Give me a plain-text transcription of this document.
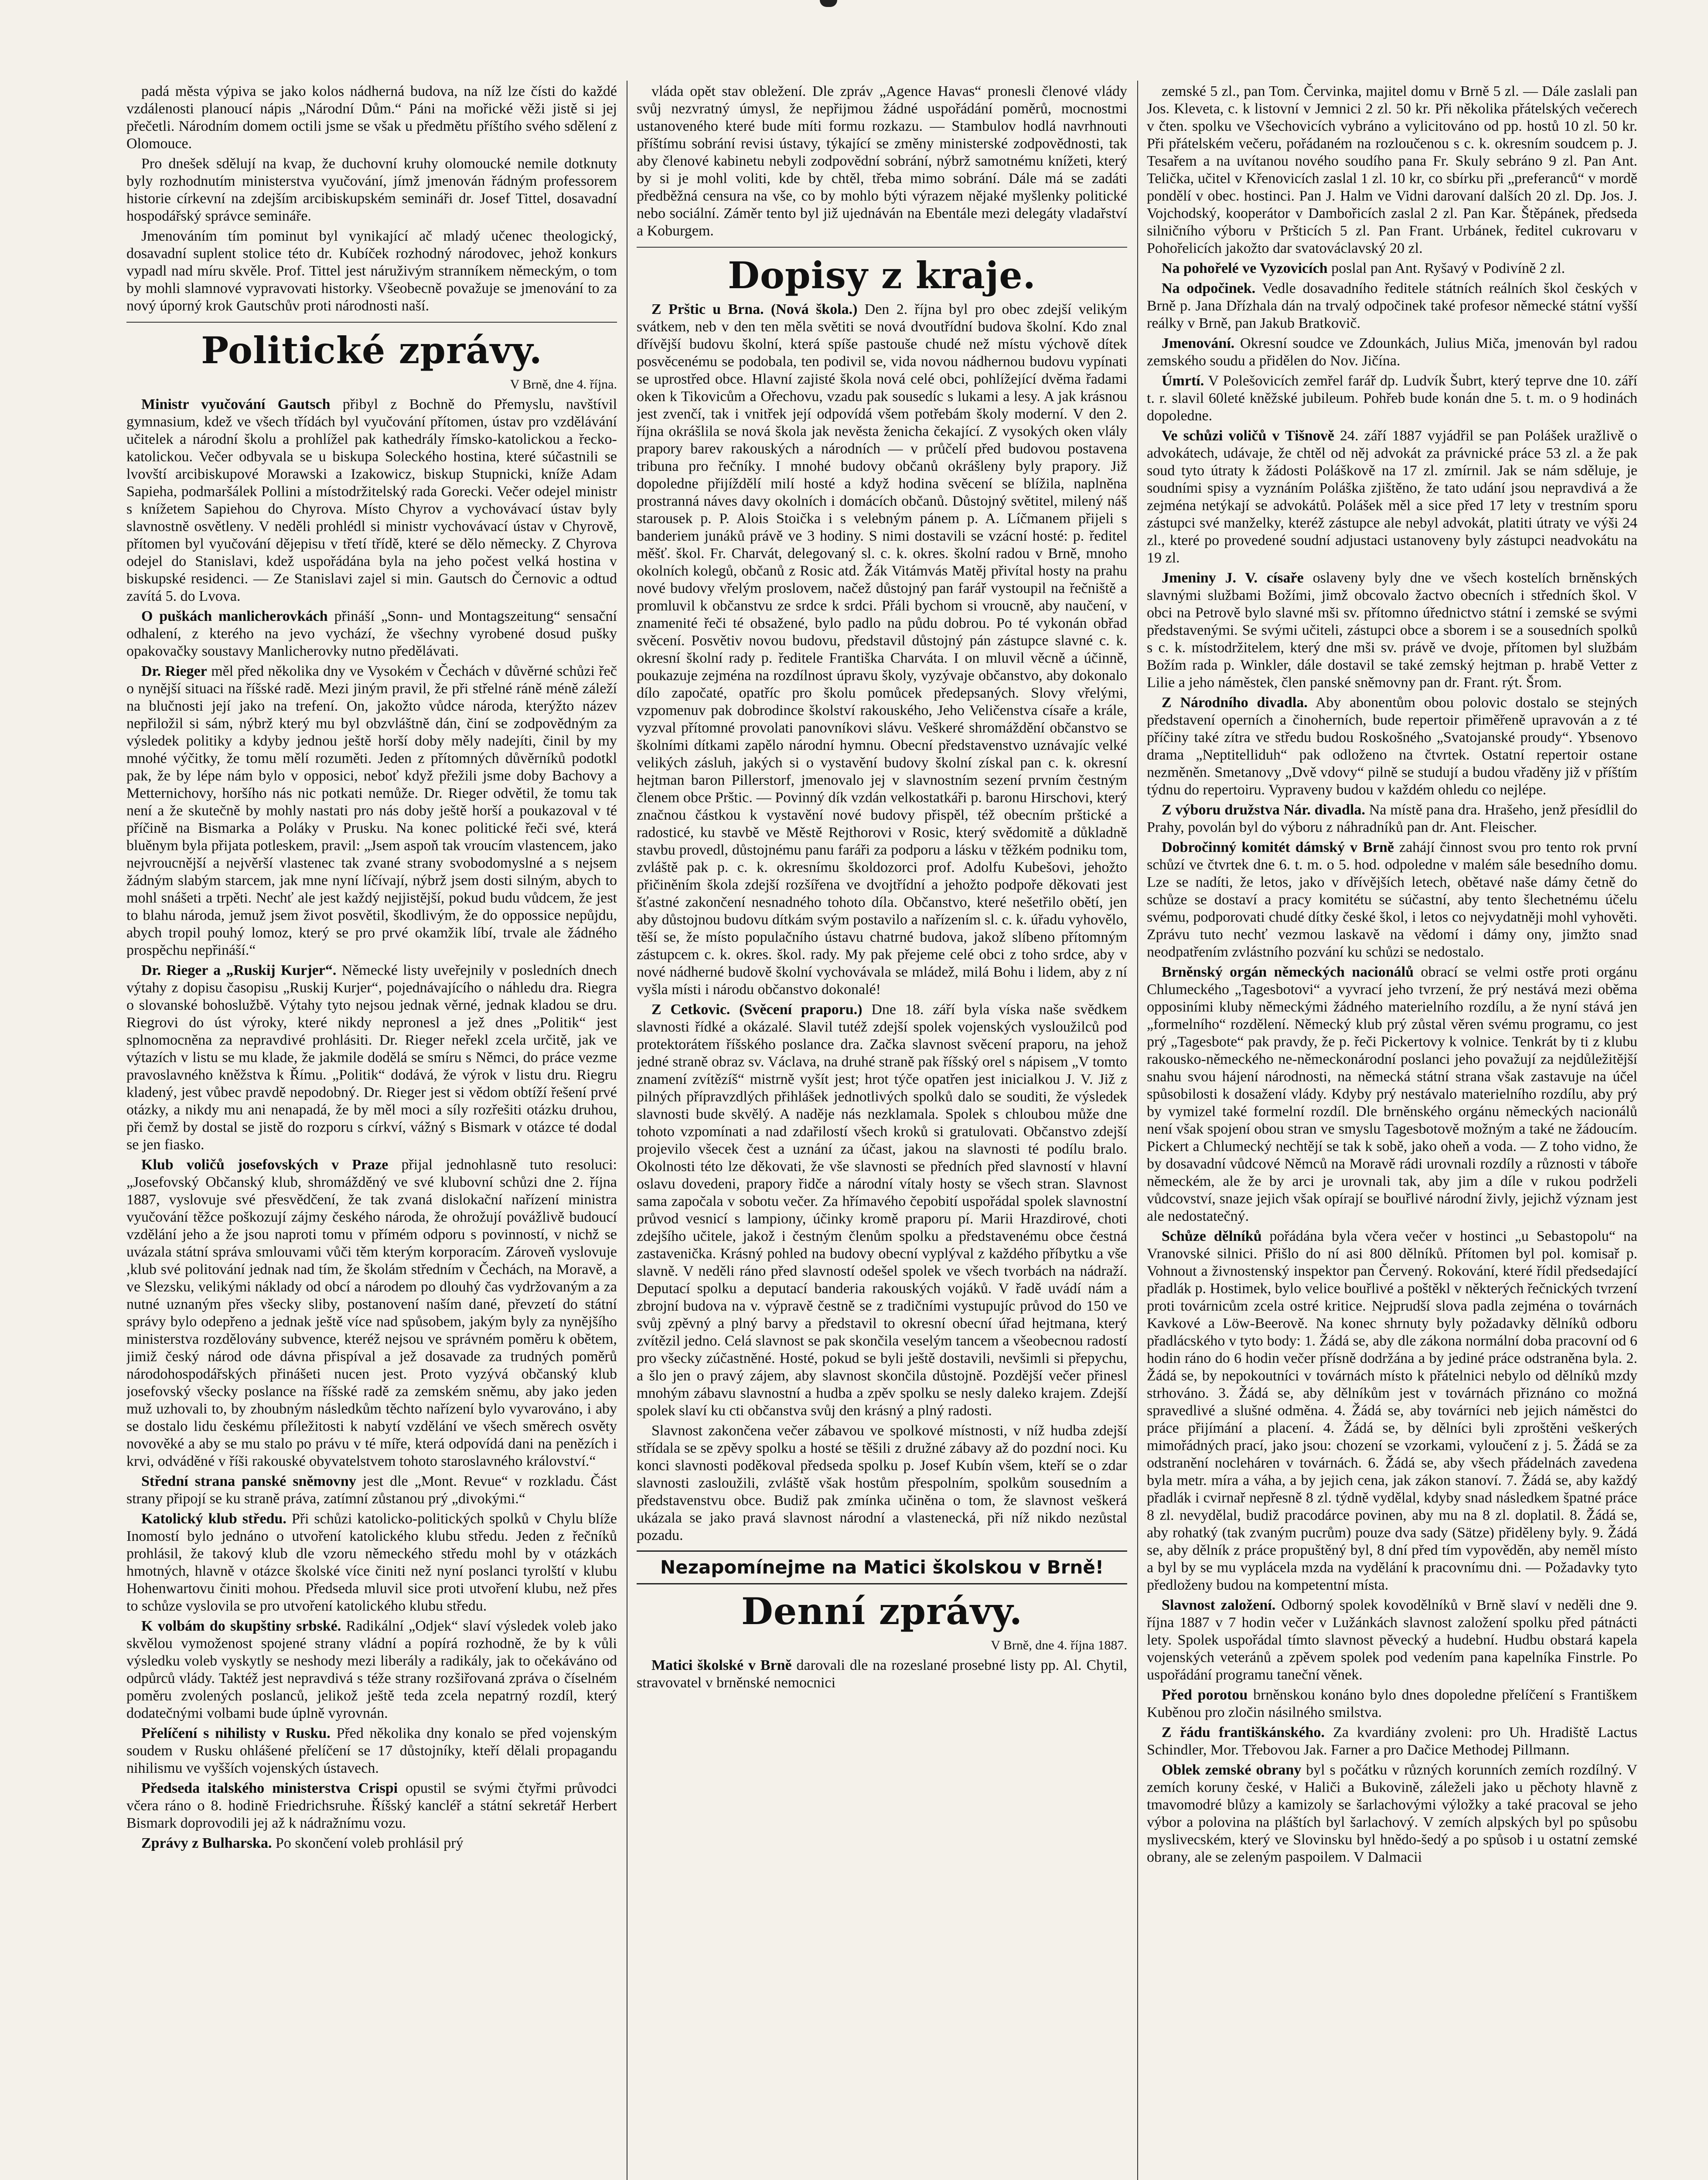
padá města výpiva se jako kolos nádherná budova, na níž lze čísti do každé vzdálenosti planoucí nápis „Národní Dům.“ Páni na mořické věži jistě si jej přečetli. Národním domem octili jsme se však u předmětu příštího svého sdělení z Olomouce.

Pro dnešek sdělují na kvap, že duchovní kruhy olomoucké nemile dotknuty byly rozhodnutím ministerstva vyučování, jímž jmenován řádným professorem historie církevní na zdejším arcibiskupském semináři dr. Josef Tittel, dosavadní hospodářský správce semináře.

Jmenováním tím pominut byl vynikající ač mladý učenec theologický, dosavadní suplent stolice této dr. Kubíček rozhodný národovec, jehož konkurs vypadl nad míru skvěle. Prof. Tittel jest náruživým stranníkem německým, o tom by mohli slamnové vypravovati historky. Všeobecně považuje se jmenování to za nový úporný krok Gautschův proti národnosti naší.

Politické zprávy.
V Brně, dne 4. října.

Ministr vyučování Gautsch přibyl z Bochně do Přemyslu, navštívil gymnasium, kdež ve všech třídách byl vyučování přítomen, ústav pro vzdělávání učitelek a národní školu a prohlížel pak kathedrály římsko-katolickou a řecko-katolickou. Večer odbyvala se u biskupa Soleckého hostina, které súčastnili se lvovští arcibiskupové Morawski a Izakowicz, biskup Stupnicki, kníže Adam Sapieha, podmaršálek Pollini a místodržitelský rada Gorecki. Večer odejel ministr s knížetem Sapiehou do Chyrova. Místo Chyrov a vychovávací ústav byly slavnostně osvětleny. V neděli prohlédl si ministr vychovávací ústav v Chyrově, přítomen byl vyučování dějepisu v třetí třídě, které se dělo německy. Z Chyrova odejel do Stanislavi, kdež uspořádána byla na jeho počest velká hostina v biskupské residenci. — Ze Stanislavi zajel si min. Gautsch do Černovic a odtud zavítá 5. do Lvova.

O puškách manlicherovkách přináší „Sonn- und Montagszeitung“ sensační odhalení, z kterého na jevo vychází, že všechny vyrobené dosud pušky opakovačky soustavy Manlicherovky nutno předělávati.

Dr. Rieger měl před několika dny ve Vysokém v Čechách v důvěrné schůzi řeč o nynější situaci na říšské radě. Mezi jiným pravil, že při střelné ráně méně záleží na blučnosti její jako na trefení. On, jakožto vůdce národa, kterýžto název nepřiložil si sám, nýbrž který mu byl obzvláštně dán, činí se zodpovědným za výsledek politiky a kdyby jednou ještě horší doby měly nadejíti, činil by my mnohé výčitky, že tomu mělí rozuměti. Jeden z přítomných důvěrníků podotkl pak, že by lépe nám bylo v opposici, neboť když přežili jsme doby Bachovy a Metternichovy, horšího nás nic potkati nemůže. Dr. Rieger odvětil, že tomu tak není a že skutečně by mohly nastati pro nás doby ještě horší a poukazoval v té příčině na Bismarka a Poláky v Prusku. Na konec politické řeči své, která bluěnym byla přijata potleskem, pravil: „Jsem aspoň tak vroucím vlastencem, jako nejvroucnější a nejvěrší vlastenec tak zvané strany svobodomyslné a s nejsem žádným slabým starcem, jak mne nyní líčívají, nýbrž jsem dosti silným, abych to mohl snášeti a trpěti. Nechť ale jest každý nejjistější, pokud budu vůdcem, že jest to blahu národa, jemuž jsem život posvětil, škodlivým, že do oppossice nepůjdu, abych tropil pouhý lomoz, který se pro prvé okamžik líbí, trvale ale žádného prospěchu nepřináší.“

Dr. Rieger a „Ruskij Kurjer“. Německé listy uveřejnily v posledních dnech výtahy z dopisu časopisu „Ruskij Kurjer“, pojednávajícího o náhledu dra. Riegra o slovanské bohoslužbě. Výtahy tyto nejsou jednak věrné, jednak kladou se dru. Riegrovi do úst výroky, které nikdy nepronesl a jež dnes „Politik“ jest splnomocněna za nepravdivé prohlásiti. Dr. Rieger neřekl zcela určitě, jak ve výtazích v listu se mu klade, že jakmile dodělá se smíru s Němci, do práce vezme pravoslavného kněžstva k Římu. „Politik“ dodává, že výrok v listu dru. Riegru kladený, jest vůbec pravdě nepodobný. Dr. Rieger jest si vědom obtíží řešení prvé otázky, a nikdy mu ani nenapadá, že by měl moci a síly rozřešiti otázku druhou, při čemž by dostal se jistě do rozporu s církví, vážný s Bismark v otázce té dodal se jen fiasko.

Klub voličů josefovských v Praze přijal jednohlasně tuto resoluci: „Josefovský Občanský klub, shromážděný ve své klubovní schůzi dne 2. října 1887, vyslovuje své přesvědčení, že tak zvaná dislokační nařízení ministra vyučování těžce poškozují zájmy českého národa, že ohrožují povážlivě budoucí vzdělání jeho a že jsou naproti tomu v přímém odporu s povinností, v nichž se uvázala státní správa smlouvami vůči těm kterým korporacím. Zároveň vyslovuje ,klub své politování jednak nad tím, že školám středním v Čechách, na Moravě, a ve Slezsku, velikými náklady od obcí a národem po dlouhý čas vydržovaným a za nutné uznaným přes všecky sliby, postanovení naším dané, převzetí do státní správy bylo odepřeno a jednak ještě více nad spůsobem, jakým byly za nynějšího ministerstva rozdělovány subvence, kteréž nejsou ve správném poměru k obětem, jimiž český národ ode dávna přispíval a jež dosavade za trudných poměrů národohospodářských přinášeti nucen jest. Proto vyzývá občanský klub josefovský všecky poslance na říšské radě za zemském sněmu, aby jako jeden muž uzhovali to, by zhoubným následkům těchto nařízení bylo vyvarováno, i aby se dostalo lidu českému příležitosti k nabytí vzdělání ve všech směrech osvěty novověké a aby se mu stalo po právu v té míře, která odpovídá dani na penězích i krvi, odváděné v říši rakouské obyvatelstvem tohoto staroslavného království.“

Střední strana panské sněmovny jest dle „Mont. Revue“ v rozkladu. Část strany připojí se ku straně práva, zatímní zůstanou prý „divokými.“

Katolický klub středu. Při schůzi katolicko-politických spolků v Chylu blíže Inomostí bylo jednáno o utvoření katolického klubu středu. Jeden z řečníků prohlásil, že takový klub dle vzoru německého středu mohl by v otázkách hmotných, hlavně v otázce školské více činiti než nyní poslanci tyrolští v klubu Hohenwartovu činiti mohou. Předseda mluvil sice proti utvoření klubu, než přes to schůze vyslovila se pro utvoření katolického klubu středu.

K volbám do skupštiny srbské. Radikální „Odjek“ slaví výsledek voleb jako skvělou vymoženost spojené strany vládní a popírá rozhodně, že by k vůli výsledku voleb vyskytly se neshody mezi liberály a radikály, jak to očekáváno od odpůrců vlády. Taktéž jest nepravdivá s téže strany rozšiřovaná zpráva o číselném poměru zvolených poslanců, jelikož ještě teda zcela nepatrný rozdíl, který dodatečnými volbami bude úplně vyrovnán.

Přelíčení s nihilisty v Rusku. Před několika dny konalo se před vojenským soudem v Rusku ohlášené přelíčení se 17 důstojníky, kteří dělali propagandu nihilismu ve vyšších vojenských ústavech.

Předseda italského ministerstva Crispi opustil se svými čtyřmi průvodci včera ráno o 8. hodině Friedrichsruhe. Říšský kancléř a státní sekretář Herbert Bismark doprovodili jej až k nádražnímu vozu.

Zprávy z Bulharska. Po skončení voleb prohlásil prý

vláda opět stav obležení. Dle zpráv „Agence Havas“ pronesli členové vlády svůj nezvratný úmysl, že nepřijmou žádné uspořádání poměrů, mocnostmi ustanoveného které bude míti formu rozkazu. — Stambulov hodlá navrhnouti příštímu sobrání revisi ústavy, týkající se změny ministerské zodpovědnosti, tak aby členové kabinetu nebyli zodpovědní sobrání, nýbrž samotnému knížeti, který by si je mohl voliti, kde by chtěl, třeba mimo sobrání. Dále má se zadáti předběžná censura na vše, co by mohlo býti výrazem nějaké myšlenky politické nebo sociální. Záměr tento byl již ujednáván na Ebentále mezi delegáty vladařství a Koburgem.

Dopisy z kraje.

Z Prštic u Brna. (Nová škola.) Den 2. října byl pro obec zdejší velikým svátkem, neb v den ten měla světiti se nová dvoutřídní budova školní. Kdo znal dřívější budovu školní, která spíše pastouše chudé než místu výchově dítek posvěcenému se podobala, ten podivil se, vida novou nádhernou budovu vypínati se uprostřed obce. Hlavní zajisté škola nová celé obci, pohlížející dvěma řadami oken k Tikovicům a Ořechovu, vzadu pak sousedíc s lukami a lesy. A jak krásnou jest zvenčí, tak i vnitřek její odpovídá všem potřebám školy moderní. V den 2. října okrášlila se nová škola jak nevěsta ženicha čekající. Z vysokých oken vlály prapory barev rakouských a národních — v průčelí před budovou postavena tribuna pro řečníky. I mnohé budovy občanů okrášleny byly prapory. Již dopoledne přijíždělí milí hosté a když hodina svěcení se blížila, naplněna prostranná náves davy okolních i domácích občanů. Důstojný světitel, milený náš starousek p. P. Alois Stoička i s velebným pánem p. A. Líčmanem přijeli s banderiem junáků právě ve 3 hodiny. S nimi dostavili se vzácní hosté: p. ředitel měšť. škol. Fr. Charvát, delegovaný sl. c. k. okres. školní radou v Brně, mnoho okolních kolegů, občanů z Rosic atd. Žák Vitámvás Matěj přivítal hosty na prahu nové budovy vřelým proslovem, načež důstojný pan farář vystoupil na řečniště a promluvil k občanstvu ze srdce k srdci. Přáli bychom si vroucně, aby naučení, v znamenité řeči té obsažené, bylo padlo na půdu dobrou. Po té vykonán obřad svěcení. Posvětiv novou budovu, představil důstojný pán zástupce slavné c. k. okresní školní rady p. ředitele Františka Charváta. I on mluvil věcně a účinně, poukazuje zejména na rozdílnost úpravu školy, vyzývaje občanstvo, aby dokonalo dílo započaté, opatříc pro školu pomůcek předepsaných. Slovy vřelými, vzpomenuv pak dobrodince školství rakouského, Jeho Veličenstva císaře a krále, vyzval přítomné provolati panovníkovi slávu. Veškeré shromáždění občanstvo se školními dítkami zapělo národní hymnu. Obecní představenstvo uznávajíc velké velikých zásluh, jakých si o vystavění budovy školní získal pan c. k. okresní hejtman baron Pillerstorf, jmenovalo jej v slavnostním sezení prvním čestným členem obce Prštic. — Povinný dík vzdán velkostatkáři p. baronu Hirschovi, který značnou částkou k vystavění nové budovy přispěl, též obecním prštické a radosticé, ku stavbě ve Městě Rejthorovi v Rosic, který svědomitě a důkladně stavbu provedl, důstojnému panu faráři za podporu a lásku v těžkém podniku tom, zvláště pak p. c. k. okresnímu školdozorci prof. Adolfu Kubešovi, jehožto přičiněním škola zdejší rozšířena ve dvojtřídní a jehožto podpoře děkovati jest šťastné zakončení nesnadného tohoto díla. Občanstvo, které nešetřilo obětí, jen aby důstojnou budovu dítkám svým postavilo a nařízením sl. c. k. úřadu vyhovělo, těší se, že místo populačního ústavu chatrné budova, jakož slíbeno přítomným zástupcem c. k. okres. škol. rady. My pak přejeme celé obci z toho srdce, aby v nové nádherné budově školní vychovávala se mládež, milá Bohu i lidem, aby z ní vyšla místi i národu občanstvo dokonalé!

Z Cetkovic. (Svěcení praporu.) Dne 18. září byla víska naše svědkem slavnosti řídké a okázalé. Slavil tutéž zdejší spolek vojenských vysloužilců pod protektorátem říšského poslance dra. Začka slavnost svěcení praporu, na jehož jedné straně obraz sv. Václava, na druhé straně pak říšský orel s nápisem „V tomto znamení zvítězíš“ mistrně vyšít jest; hrot týče opatřen jest inicialkou J. V. Již z pilných přípravzdlých přihlášek jednotlivých spolků dalo se souditi, že výsledek slavnosti bude skvělý. A naděje nás nezklamala. Spolek s chloubou může dne tohoto vzpomínati a nad zdařilostí všech kroků si gratulovati. Občanstvo zdejší projevilo všecek čest a uznání za účast, jakou na slavnosti té podílu bralo. Okolnosti této lze děkovati, že vše slavnosti se předních před slavností v hlavní oslavu dovedeni, prapory řidče a národní vítaly hosty se všech stran. Slavnost sama započala v sobotu večer. Za hřímavého čepobití uspořádal spolek slavnostní průvod vesnicí s lampiony, účinky kromě praporu pí. Marii Hrazdirové, choti zdejšího učitele, jakož i čestným členům spolku a představenému obce čestná zastavenička. Krásný pohled na budovy obecní vyplýval z každého příbytku a vše slavně. V neděli ráno před slavností odešel spolek ve všech tvorbách na nádraží. Deputací spolku a deputací banderia rakouských vojáků. V řadě uvádí nám a zbrojní budova na v. výpravě čestně se z tradičními vystupujíc průvod do 150 ve svůj zpěvný a plný barvy a představil to okresní obecní úřad hejtmana, který zvítězil jedno. Celá slavnost se pak skončila veselým tancem a všeobecnou radostí pro všecky zúčastněné. Hosté, pokud se byli ještě dostavili, nevšimli si přepychu, a šlo jen o pravý zájem, aby slavnost skončila důstojně. Pozdější večer přinesl mnohým zábavu slavnostní a hudba a zpěv spolku se nesly daleko krajem. Zdejší spolek slaví ku cti občanstva svůj den krásný a plný radosti.

Slavnost zakončena večer zábavou ve spolkové místnosti, v níž hudba zdejší střídala se se zpěvy spolku a hosté se těšili z družné zábavy až do pozdní noci. Ku konci slavnosti poděkoval předseda spolku p. Josef Kubín všem, kteří se o zdar slavnosti zasloužili, zvláště však hostům přespolním, spolkům sousedním a představenstvu obce. Budiž pak zmínka učiněna o tom, že slavnost veškerá ukázala se jako pravá slavnost národní a vlastenecká, při níž nikdo nezůstal pozadu.

Nezapomínejme na Matici školskou v Brně!
Denní zprávy.
V Brně, dne 4. října 1887.

Matici školské v Brně darovali dle na rozeslané prosebné listy pp. Al. Chytil, stravovatel v brněnské nemocnici

zemské 5 zl., pan Tom. Červinka, majitel domu v Brně 5 zl. — Dále zaslali pan Jos. Kleveta, c. k listovní v Jemnici 2 zl. 50 kr. Při několika přátelských večerech v čten. spolku ve Všechovicích vybráno a vylicitováno od pp. hostů 10 zl. 50 kr. Při přátelském večeru, pořádaném na rozloučenou s c. k. okresním soudcem p. J. Tesařem a na uvítanou nového soudího pana Fr. Skuly sebráno 9 zl. Pan Ant. Telička, učitel v Křenovicích zaslal 1 zl. 10 kr, co sbírku při „preferanců“ v mordě pondělí v obec. hostinci. Pan J. Halm ve Vidni darovaní dalších 20 zl. Dp. Jos. J. Vojchodský, kooperátor v Dambořicích zaslal 2 zl. Pan Kar. Štěpánek, předseda silničního výboru v Pršticích 5 zl. Pan Frant. Urbánek, ředitel cukrovaru v Pohořelicích jakožto dar svatováclavský 20 zl.

Na pohořelé ve Vyzovicích poslal pan Ant. Ryšavý v Podivíně 2 zl.

Na odpočinek. Vedle dosavadního ředitele státních reálních škol českých v Brně p. Jana Dřízhala dán na trvalý odpočinek také profesor německé státní vyšší reálky v Brně, pan Jakub Bratkovič.

Jmenování. Okresní soudce ve Zdounkách, Julius Miča, jmenován byl radou zemského soudu a přidělen do Nov. Jičína.

Úmrtí. V Polešovicích zemřel farář dp. Ludvík Šubrt, který teprve dne 10. září t. r. slavil 60leté kněžské jubileum. Pohřeb bude konán dne 5. t. m. o 9 hodinách dopoledne.

Ve schůzi voličů v Tišnově 24. září 1887 vyjádřil se pan Polášek uražlivě o advokátech, udávaje, že chtěl od něj advokát za právnické práce 53 zl. a že pak soud tyto útraty k žádosti Poláškově na 17 zl. zmírnil. Jak se nám sděluje, je soudními spisy a vyznáním Poláška zjištěno, že tato udání jsou nepravdivá a že zejména netýkají se advokátů. Polášek měl a sice před 17 lety v trestním sporu zástupci své manželky, kteréž zástupce ale nebyl advokát, platiti útraty ve výši 24 zl., které po provedené soudní adjustaci ustanoveny byly zástupci neadvokátu na 19 zl.

Jmeniny J. V. císaře oslaveny byly dne ve všech kostelích brněnských slavnými službami Božími, jimž obcovalo žactvo obecních i středních škol. V obci na Petrově bylo slavné mši sv. přítomno úřednictvo státní i zemské se svými představenými. Se svými učiteli, zástupci obce a sborem i se a sousedních spolků s c. k. místodržitelem, který dne mši sv. právě ve dvoje, přítomen byl službám Božím rada p. Winkler, dále dostavil se také zemský hejtman p. hrabě Vetter z Lilie a jeho náměstek, člen panské sněmovny pan dr. Frant. rýt. Šrom.

Z Národního divadla. Aby abonentům obou polovic dostalo se stejných představení operních a činoherních, bude repertoir přiměřeně upravován a z té příčiny také zítra ve středu budou Roskošného „Svatojanské proudy“. Ybsenovo drama „Neptitelliduh“ pak odloženo na čtvrtek. Ostatní repertoir ostane nezměněn. Smetanovy „Dvě vdovy“ pilně se studují a budou vřaděny již v příštím týdnu do repertoiru. Vypraveny budou v každém ohledu co nejlépe.

Z výboru družstva Nár. divadla. Na místě pana dra. Hrašeho, jenž přesídlil do Prahy, povolán byl do výboru z náhradníků pan dr. Ant. Fleischer.

Dobročinný komitét dámský v Brně zahájí činnost svou pro tento rok první schůzí ve čtvrtek dne 6. t. m. o 5. hod. odpoledne v malém sále besedního domu. Lze se nadíti, že letos, jako v dřívějších letech, obětavé naše dámy četně do schůze se dostaví a pracy komitétu se súčastní, aby tento šlechetnému účelu svému, podporovati chudé dítky české škol, i letos co nejvydatněji mohl vyhověti. Zprávu tuto nechť vezmou laskavě na vědomí i dámy ony, jimžto snad neodpatřením zvlástního pozvání ku schůzi se nedostalo.

Brněnský orgán německých nacionálů obrací se velmi ostře proti orgánu Chlumeckého „Tagesbotovi“ a vyvrací jeho tvrzení, že prý nestává mezi oběma opposiními kluby německými žádného materielního rozdílu, a že nyní stává jen „formelního“ rozdělení. Německý klub prý zůstal věren svému programu, co jest prý „Tagesbote“ pak pravdy, že p. řeči Pickertovy k volnice. Tenkrát by ti z klubu rakousko-německého ne-německonárodní poslanci jeho považují za nejdůležitější snahu svou hájení národnosti, na německá státní strana však zastavuje na účel spůsobilosti k dosažení vlády. Kdyby prý nestávalo materielního rozdílu, aby prý by vymizel také formelní rozdíl. Dle brněnského orgánu německých nacionálů není však spojení obou stran ve smyslu Tagesbotově možným a také ne žádoucím. Pickert a Chlumecký nechtějí se tak k sobě, jako oheň a voda. — Z toho vidno, že by dosavadní vůdcové Němců na Moravě rádi urovnali rozdíly a různosti v táboře německém, ale že by arci je urovnali tak, aby jim a díle v rukou podrželi vůdcovství, snaze jejich však opírají se bouřlivé národní živly, jejichž význam jest ale nedostatečný.

Schůze dělníků pořádána byla včera večer v hostinci „u Sebastopolu“ na Vranovské silnici. Přišlo do ní asi 800 dělníků. Přítomen byl pol. komisař p. Vohnout a živnostenský inspektor pan Červený. Rokování, které řídil předsedající přadlák p. Hostimek, bylo velice bouřlivé a poštěkl v některých řečnických tvrzení proti továrnicům zcela ostré kritice. Nejprudší slova padla zejména o továrnách Kavkové a Löw-Beerově. Na konec shrnuty byly požadavky dělníků odboru přadlácského v tyto body: 1. Žádá se, aby dle zákona normální doba pracovní od 6 hodin ráno do 6 hodin večer přísně dodržána a by jediné práce odstraněna byla. 2. Žádá se, by nepokoutníci v továrnách místo k přátelnici nebylo od dělníků mzdy strhováno. 3. Žádá se, aby dělníkům jest v továrnách přiznáno co možná spravedlivé a slušné odměna. 4. Žádá se, aby továrníci neb jejich náměstci do práce přijímání a placení. 4. Žádá se, by dělníci byli zproštěni veškerých mimořádných prací, jako jsou: chození se vzorkami, vyloučení z j. 5. Žádá se za odstranění nocleháren v továrnách. 6. Žádá se, aby všech přádelnách zavedena byla metr. míra a váha, a by jejich cena, jak zákon stanoví. 7. Žádá se, aby každý přadlák i cvirnař nepřesně 8 zl. týdně vydělal, kdyby snad následkem špatné práce 8 zl. nevydělal, budiž pracodárce povinen, aby mu na 8 zl. doplatil. 8. Žádá se, aby rohatký (tak zvaným pucrům) pouze dva sady (Sätze) přiděleny byly. 9. Žádá se, aby dělník z práce propuštěný byl, 8 dní před tím vypověděn, aby neměl místo a byl by se mu vyplácela mzda na vydělání k pracovnímu dni. — Požadavky tyto předloženy budou na kompetentní místa.

Slavnost založení. Odborný spolek kovodělníků v Brně slaví v neděli dne 9. října 1887 v 7 hodin večer v Lužánkách slavnost založení spolku před pátnácti lety. Spolek uspořádal tímto slavnost pěvecký a hudební. Hudbu obstará kapela vojenských veteránů a zpěvem spolek pod vedením pana kapelníka Finstrle. Po uspořádání programu taneční věnek.

Před porotou brněnskou konáno bylo dnes dopoledne přelíčení s Františkem Kuběnou pro zločin násilného smilstva.

Z řádu františkánského. Za kvardiány zvoleni: pro Uh. Hradiště Lactus Schindler, Mor. Třebovou Jak. Farner a pro Dačice Methodej Pillmann.

Oblek zemské obrany byl s počátku v různých korunních zemích rozdílný. V zemích koruny české, v Haliči a Bukovině, záleželi jako u pěchoty hlavně z tmavomodré blůzy a kamizoly se šarlachovými výložky a také pracoval se jeho výbor a polovina na pláštích byl šarlachový. V zemích alpských byl po spůsobu myslivecském, který ve Slovinsku byl hnědo-šedý a po spůsob i u ostatní zemské obrany, ale se zeleným paspoilem. V Dalmacii
